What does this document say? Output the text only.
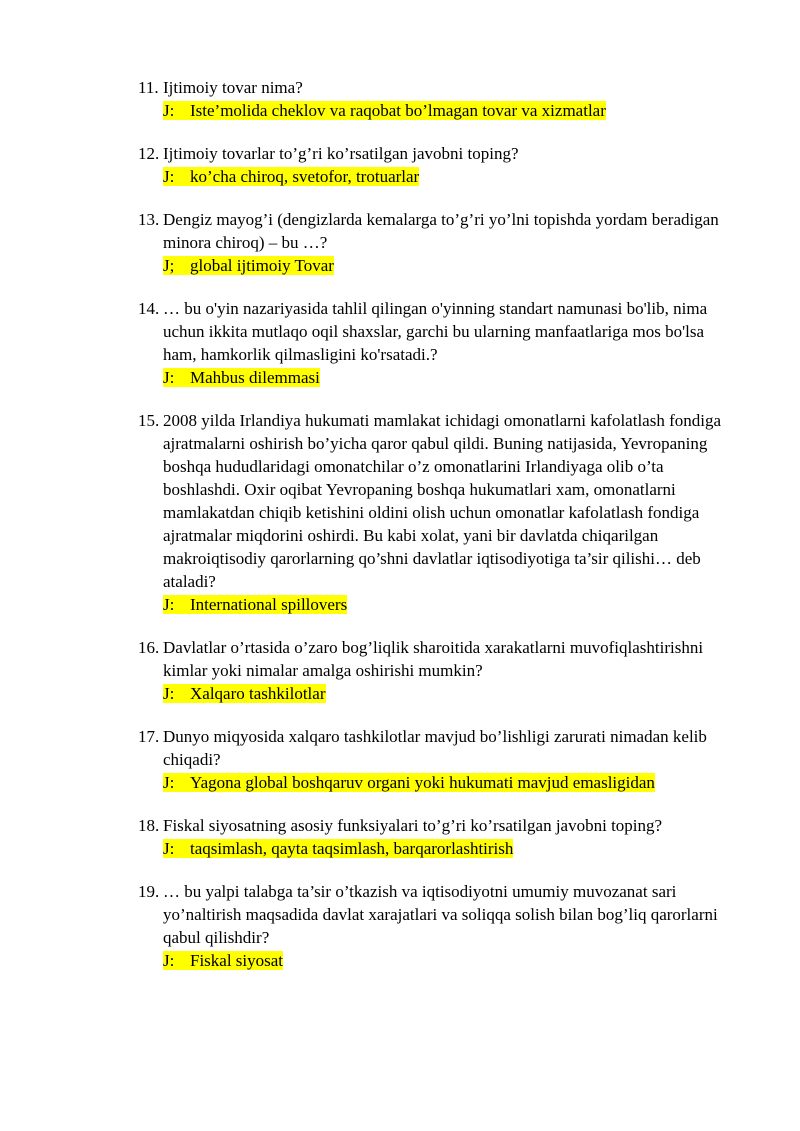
11. Ijtimoiy tovar nima?
J: Iste’molida cheklov va raqobat bo’lmagan tovar va xizmatlar
12. Ijtimoiy tovarlar to’g’ri ko’rsatilgan javobni toping?
J: ko’cha chiroq, svetofor, trotuarlar
13. Dengiz mayog’i (dengizlarda kemalarga to’g’ri yo’lni topishda yordam beradigan minora chiroq) – bu …?
J; global ijtimoiy Tovar
14. … bu o'yin nazariyasida tahlil qilingan o'yinning standart namunasi bo'lib, nima uchun ikkita mutlaqo oqil shaxslar, garchi bu ularning manfaatlariga mos bo'lsa ham, hamkorlik qilmasligini ko'rsatadi.?
J: Mahbus dilemmasi
15. 2008 yilda Irlandiya hukumati mamlakat ichidagi omonatlarni kafolatlash fondiga ajratmalarni oshirish bo’yicha qaror qabul qildi. Buning natijasida, Yevropaning boshqa hududlaridagi omonatchilar o’z omonatlarini Irlandiyaga olib o’ta boshlashdi. Oxir oqibat Yevropaning boshqa hukumatlari xam, omonatlarni mamlakatdan chiqib ketishini oldini olish uchun omonatlar kafolatlash fondiga ajratmalar miqdorini oshirdi. Bu kabi xolat, yani bir davlatda chiqarilgan makroiqtisodiy qarorlarning qo’shni davlatlar iqtisodiyotiga ta’sir qilishi… deb ataladi?
J: International spillovers
16. Davlatlar o’rtasida o’zaro bog’liqlik sharoitida xarakatlarni muvofiqlashtirishni kimlar yoki nimalar amalga oshirishi mumkin?
J: Xalqaro tashkilotlar
17. Dunyo miqyosida xalqaro tashkilotlar mavjud bo’lishligi zarurati nimadan kelib chiqadi?
J: Yagona global boshqaruv organi yoki hukumati mavjud emasligidan
18. Fiskal siyosatning asosiy funksiyalari to’g’ri ko’rsatilgan javobni toping?
J: taqsimlash, qayta taqsimlash, barqarorlashtirish
19. … bu yalpi talabga ta’sir o’tkazish va iqtisodiyotni umumiy muvozanat sari yo’naltirish maqsadida davlat xarajatlari va soliqqa solish bilan bog’liq qarorlarni qabul qilishdir?
J: Fiskal siyosat
